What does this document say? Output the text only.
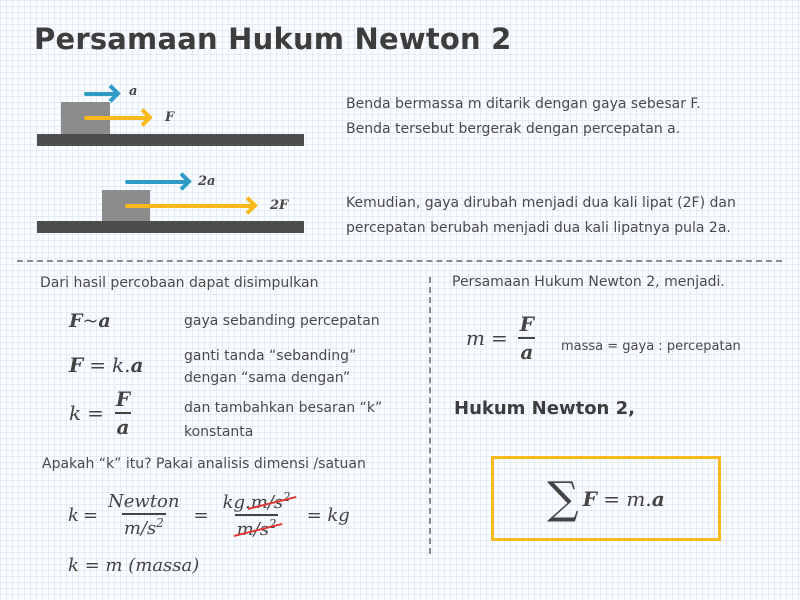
Persamaan Hukum Newton 2
a
F
Benda bermassa m ditarik dengan gaya sebesar F.
Benda tersebut bergerak dengan percepatan a.
2a
2F	Kemudian, gaya dirubah menjadi dua kali lipat (2F) dan
percepatan berubah menjadi dua kali lipatnya pula 2a.
Dari hasil percobaan dapat disimpulkan
F ~ a	gaya sebanding percepatan
F = k. a	ganti tanda “sebanding”
dengan “sama dengan”
$k = \frac{F}{a}$	dan tambahkan besaran “k”
konstanta
Apakah “k” itu? Pakai analisis dimensi /satuan
$k = \frac{\text{Newton}}{m/s^2} = \frac{kg.m/s^2}{m/s^2}$ = kg
k = m (massa)
Persamaan Hukum Newton 2, menjadi.
$m = \frac{F}{a}$ massa = gaya : percepatan
Hukum Newton 2,
∑ F = m. a
